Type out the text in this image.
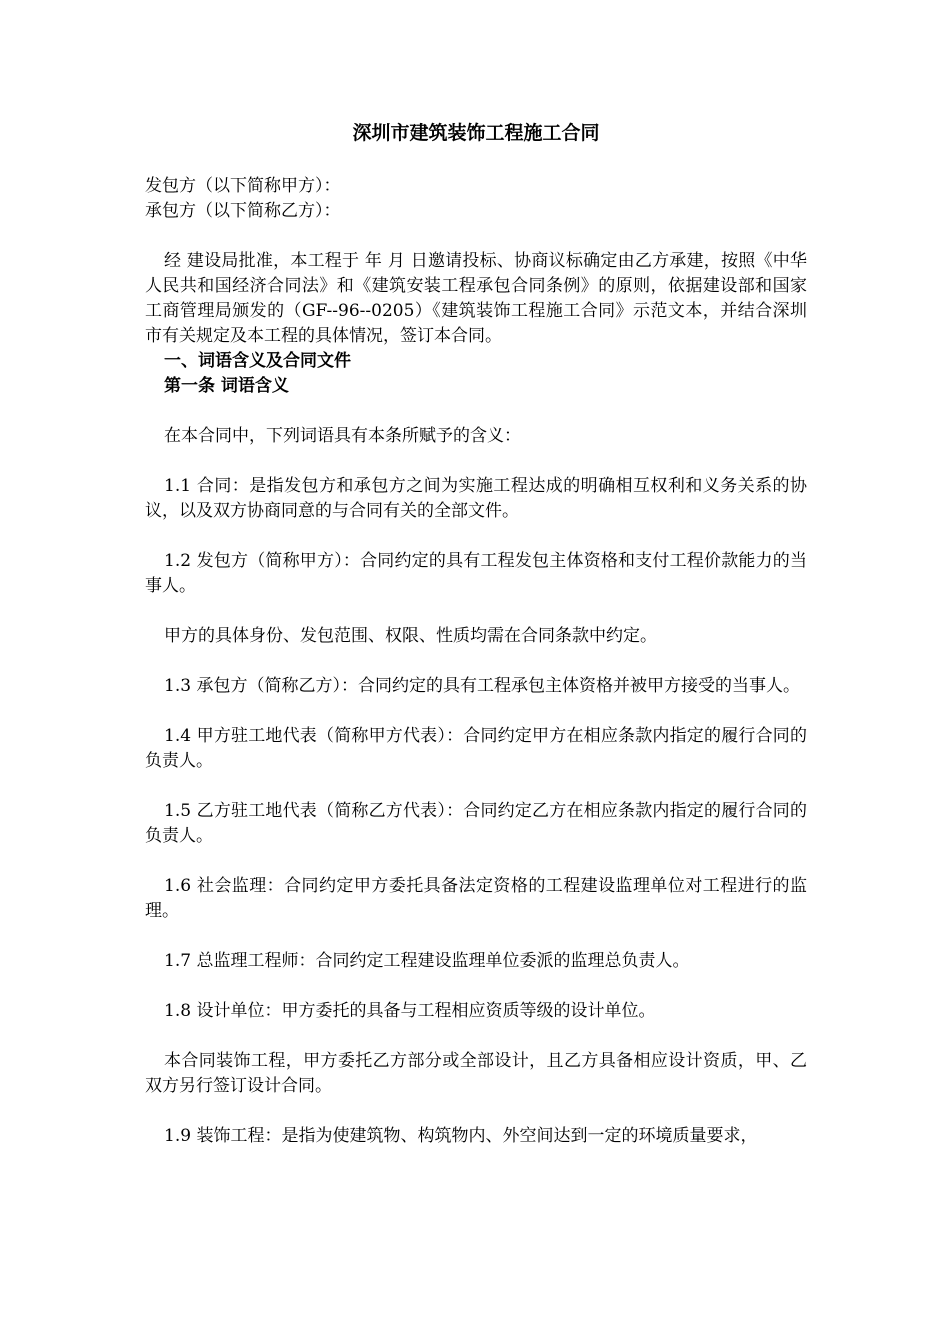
深圳市建筑装饰工程施工合同

发包方（以下简称甲方）：

承包方（以下简称乙方）：

经 建设局批准，本工程于 年 月 日邀请投标、协商议标确定由乙方承建，按照《中华人民共和国经济合同法》和《建筑安装工程承包合同条例》的原则，依据建设部和国家工商管理局颁发的（GF--96--0205）《建筑装饰工程施工合同》示范文本，并结合深圳市有关规定及本工程的具体情况，签订本合同。

一、词语含义及合同文件

第一条 词语含义

在本合同中，下列词语具有本条所赋予的含义：

1.1 合同：是指发包方和承包方之间为实施工程达成的明确相互权利和义务关系的协议，以及双方协商同意的与合同有关的全部文件。

1.2 发包方（简称甲方）：合同约定的具有工程发包主体资格和支付工程价款能力的当事人。

甲方的具体身份、发包范围、权限、性质均需在合同条款中约定。

1.3 承包方（简称乙方）：合同约定的具有工程承包主体资格并被甲方接受的当事人。

1.4 甲方驻工地代表（简称甲方代表）：合同约定甲方在相应条款内指定的履行合同的负责人。

1.5 乙方驻工地代表（简称乙方代表）：合同约定乙方在相应条款内指定的履行合同的负责人。

1.6 社会监理：合同约定甲方委托具备法定资格的工程建设监理单位对工程进行的监理。

1.7 总监理工程师：合同约定工程建设监理单位委派的监理总负责人。

1.8 设计单位：甲方委托的具备与工程相应资质等级的设计单位。

本合同装饰工程，甲方委托乙方部分或全部设计，且乙方具备相应设计资质，甲、乙双方另行签订设计合同。

1.9 装饰工程：是指为使建筑物、构筑物内、外空间达到一定的环境质量要求，
